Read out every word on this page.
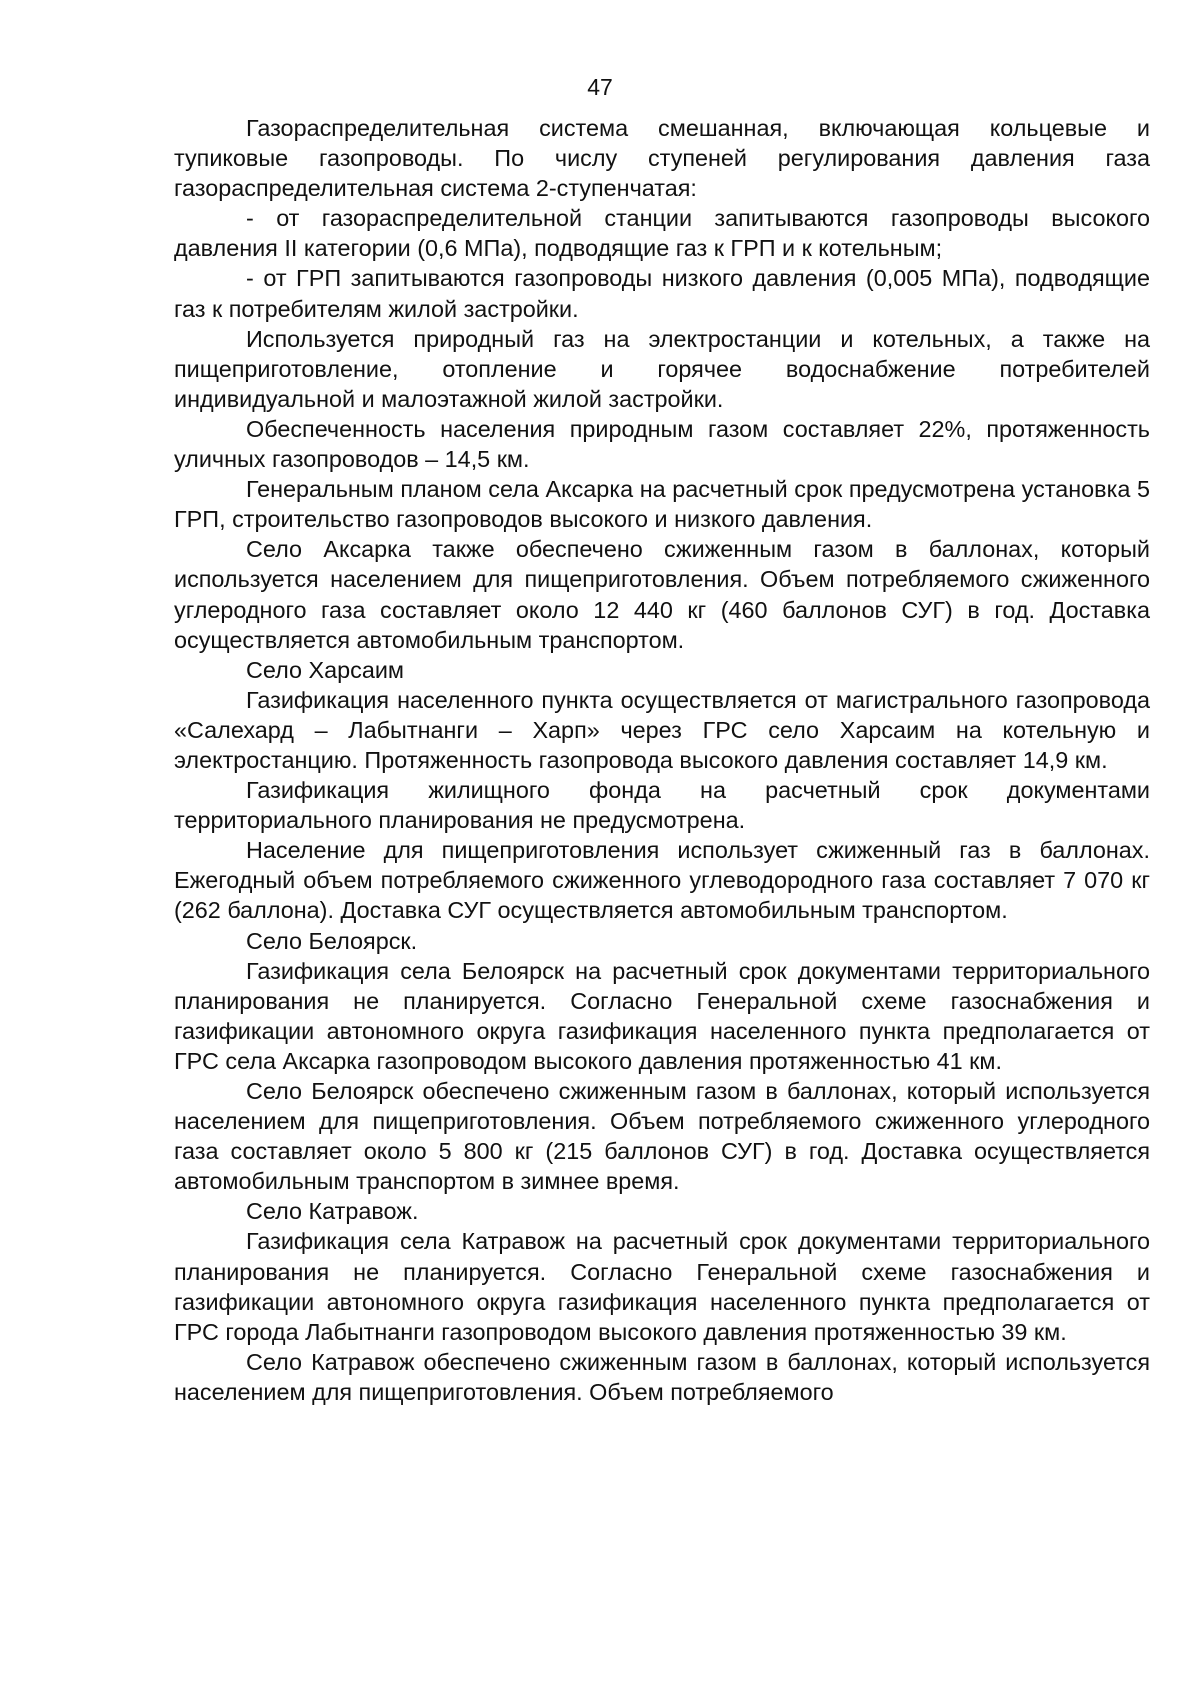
47

Газораспределительная система смешанная, включающая кольцевые и тупиковые газопроводы. По числу ступеней регулирования давления газа газораспределительная система 2-ступенчатая:

- от газораспределительной станции запитываются газопроводы высокого давления II категории (0,6 МПа), подводящие газ к ГРП и к котельным;

- от ГРП запитываются газопроводы низкого давления (0,005 МПа), подводящие газ к потребителям жилой застройки.

Используется природный газ на электростанции и котельных, а также на пищеприготовление, отопление и горячее водоснабжение потребителей индивидуальной и малоэтажной жилой застройки.

Обеспеченность населения природным газом составляет 22%, протяженность уличных газопроводов – 14,5 км.

Генеральным планом села Аксарка на расчетный срок предусмотрена установка 5 ГРП, строительство газопроводов высокого и низкого давления.

Село Аксарка также обеспечено сжиженным газом в баллонах, который используется населением для пищеприготовления. Объем потребляемого сжиженного углеродного газа составляет около 12 440 кг (460 баллонов СУГ) в год. Доставка осуществляется автомобильным транспортом.

Село Харсаим

Газификация населенного пункта осуществляется от магистрального газопровода «Салехард – Лабытнанги – Харп» через ГРС село Харсаим на котельную и электростанцию. Протяженность газопровода высокого давления составляет 14,9 км.

Газификация жилищного фонда на расчетный срок документами территориального планирования не предусмотрена.

Население для пищеприготовления использует сжиженный газ в баллонах. Ежегодный объем потребляемого сжиженного углеводородного газа составляет 7 070 кг (262 баллона). Доставка СУГ осуществляется автомобильным транспортом.

Село Белоярск.

Газификация села Белоярск на расчетный срок документами территориального планирования не планируется. Согласно Генеральной схеме газоснабжения и газификации автономного округа газификация населенного пункта предполагается от ГРС села Аксарка газопроводом высокого давления протяженностью 41 км.

Село Белоярск обеспечено сжиженным газом в баллонах, который используется населением для пищеприготовления. Объем потребляемого сжиженного углеродного газа составляет около 5 800 кг (215 баллонов СУГ) в год. Доставка осуществляется автомобильным транспортом в зимнее время.

Село Катравож.

Газификация села Катравож на расчетный срок документами территориального планирования не планируется. Согласно Генеральной схеме газоснабжения и газификации автономного округа газификация населенного пункта предполагается от ГРС города Лабытнанги газопроводом высокого давления протяженностью 39 км.

Село Катравож обеспечено сжиженным газом в баллонах, который используется населением для пищеприготовления. Объем потребляемого
